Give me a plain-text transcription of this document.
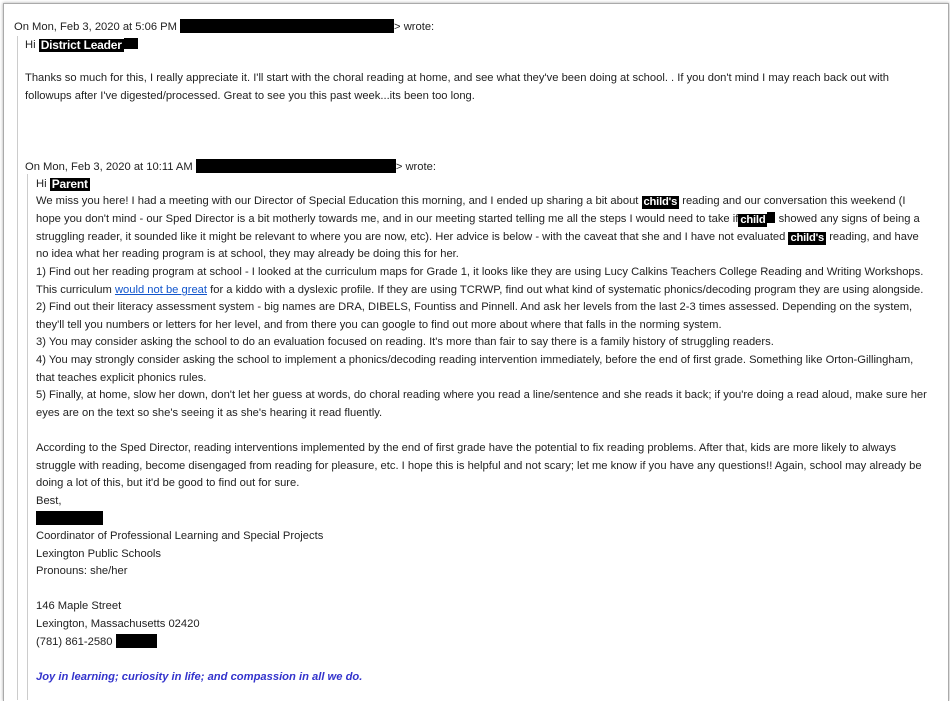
On Mon, Feb 3, 2020 at 5:06 PM	> wrote:
Hi District Leader
Thanks so much for this, I really appreciate it. I'll start with the choral reading at home, and see what they've been doing at school. . If you don't mind I may reach back out with
followups after I've digested/processed. Great to see you this past week...its been too long.
On Mon, Feb 3, 2020 at 10:11 AM	> wrote:
Hi Parent
We miss you here! I had a meeting with our Director of Special Education this morning, and I ended up sharing a bit about child's reading and our conversation this weekend (I
hope you don't mind - our Sped Director is a bit motherly towards me, and in our meeting started telling me all the steps I would need to take if child showed any signs of being a
struggling reader, it sounded like it might be relevant to where you are now, etc). Her advice is below - with the caveat that she and I have not evaluated child's reading, and have
no idea what her reading program is at school, they may already be doing this for her.
1) Find out her reading program at school - I looked at the curriculum maps for Grade 1, it looks like they are using Lucy Calkins Teachers College Reading and Writing Workshops.
This curriculum would not be great for a kiddo with a dyslexic profile. If they are using TCRWP, find out what kind of systematic phonics/decoding program they are using alongside.
2) Find out their literacy assessment system - big names are DRA, DIBELS, Fountiss and Pinnell. And ask her levels from the last 2-3 times assessed. Depending on the system,
they'll tell you numbers or letters for her level, and from there you can google to find out more about where that falls in the norming system.
3) You may consider asking the school to do an evaluation focused on reading. It's more than fair to say there is a family history of struggling readers.
4) You may strongly consider asking the school to implement a phonics/decoding reading intervention immediately, before the end of first grade. Something like Orton-Gillingham,
that teaches explicit phonics rules.
5) Finally, at home, slow her down, don't let her guess at words, do choral reading where you read a line/sentence and she reads it back; if you're doing a read aloud, make sure her
eyes are on the text so she's seeing it as she's hearing it read fluently.
According to the Sped Director, reading interventions implemented by the end of first grade have the potential to fix reading problems. After that, kids are more likely to always
struggle with reading, become disengaged from reading for pleasure, etc. I hope this is helpful and not scary; let me know if you have any questions!! Again, school may already be
doing a lot of this, but it'd be good to find out for sure.
Best,
Coordinator of Professional Learning and Special Projects
Lexington Public Schools
Pronouns: she/her
146 Maple Street
Lexington, Massachusetts 02420
(781) 861-2580
Joy in learning; curiosity in life; and compassion in all we do.
